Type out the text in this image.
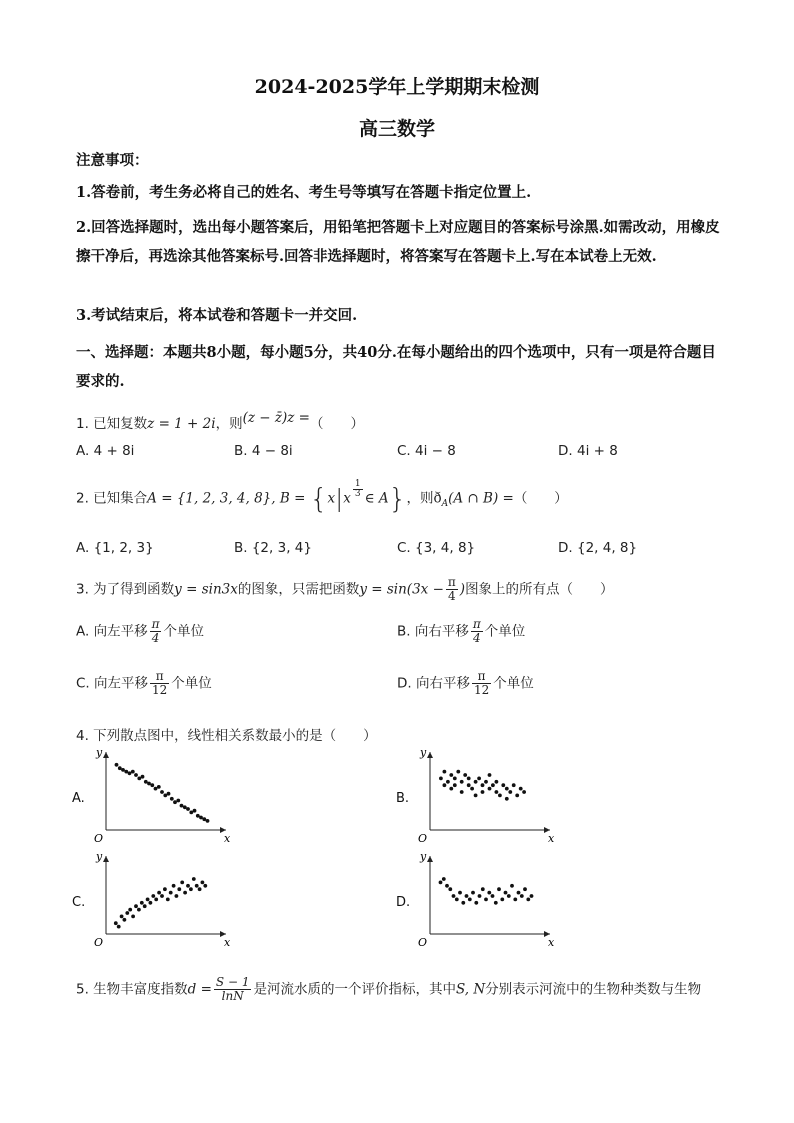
2024-2025学年上学期期末检测
高三数学
注意事项：
1.答卷前，考生务必将自己的姓名、考生号等填写在答题卡指定位置上.
2.回答选择题时，选出每小题答案后，用铅笔把答题卡上对应题目的答案标号涂黑.如需改动，用橡皮擦干净后，再选涂其他答案标号.回答非选择题时，将答案写在答题卡上.写在本试卷上无效.
3.考试结束后，将本试卷和答题卡一并交回.
一、选择题：本题共8小题，每小题5分，共40分.在每小题给出的四个选项中，只有一项是符合题目要求的.
1. 已知复数z = 1 + 2i，则(z − z̄)z =（　　）
A. 4 + 8i	B. 4 − 8i	C. 4i − 8	D. 4i + 8
2. 已知集合A = {1, 2, 3, 4, 8}, $B = \{x|x \frac{1}{3}$ ∈ A}，则$ð_A(A$ ∩ B) =（　　）
A. {1, 2, 3}	B. {2, 3, 4}	C. {3, 4, 8}	D. {2, 4, 8}
3. 为了得到函数y = sin3x的图象，只需把函数$y = \sin(3x - \frac{\pi}{4}$ )图象上的所有点（　　）
A. 向左平移 $\frac{\pi}{4}$ 个单位	B. 向右平移 $\frac{\pi}{4}$ 个单位
C. 向左平移 $\frac{\pi}{12}$ 个单位	D. 向右平移 $\frac{\pi}{12}$ 个单位
4. 下列散点图中，线性相关系数最小的是（　　）
A.	B.
C.	D.
y
x
O
y
x
O
y
x
O
y
x
O
5. 生物丰富度指数$d = \frac{S - 1}{\ln N}$ 是河流水质的一个评价指标，其中S, N分别表示河流中的生物种类数与生物
